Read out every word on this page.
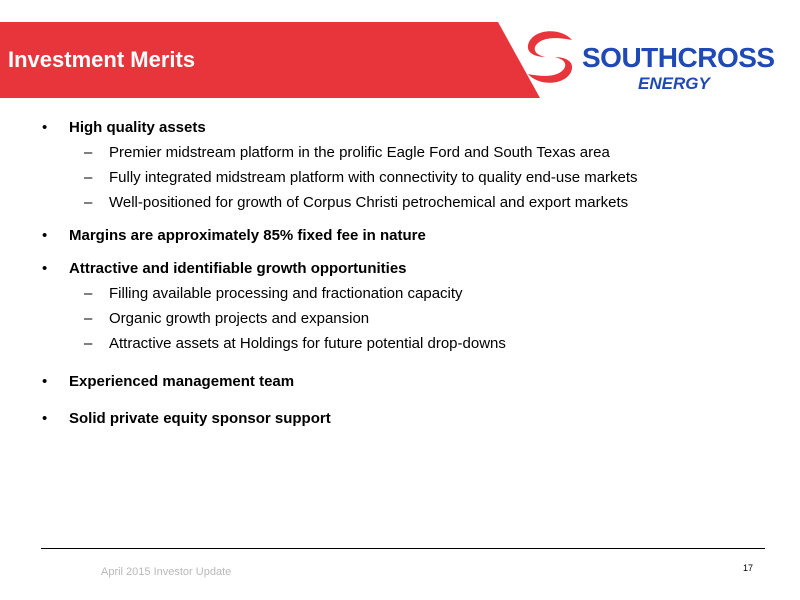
Investment Merits	SOUTHCROSS
ENERGY
• High quality assets
– Premier midstream platform in the prolific Eagle Ford and South Texas area
– Fully integrated midstream platform with connectivity to quality end-use markets
– Well-positioned for growth of Corpus Christi petrochemical and export markets
• Margins are approximately 85% fixed fee in nature
• Attractive and identifiable growth opportunities
– Filling available processing and fractionation capacity
– Organic growth projects and expansion
– Attractive assets at Holdings for future potential drop-downs
• Experienced management team
• Solid private equity sponsor support
April 2015 Investor Update	17
